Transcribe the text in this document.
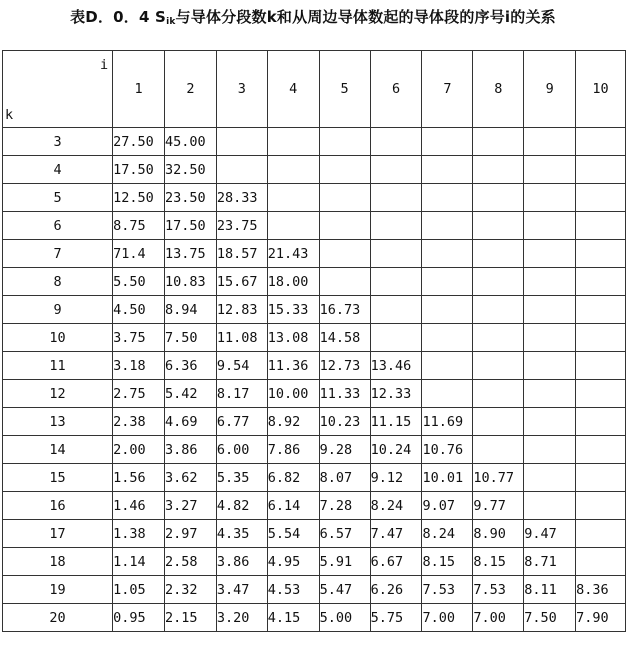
表D．0．4 $S_{ik}$与导体分段数k和从周边导体数起的导体段的序号i的关系
i
k	1	2	3	4	5	6	7	8	9	10
3	27.50	45.00								
4	17.50	32.50								
5	12.50	23.50	28.33							
6	8.75	17.50	23.75							
7	71.4	13.75	18.57	21.43						
8	5.50	10.83	15.67	18.00						
9	4.50	8.94	12.83	15.33	16.73					
10	3.75	7.50	11.08	13.08	14.58					
11	3.18	6.36	9.54	11.36	12.73	13.46				
12	2.75	5.42	8.17	10.00	11.33	12.33				
13	2.38	4.69	6.77	8.92	10.23	11.15	11.69			
14	2.00	3.86	6.00	7.86	9.28	10.24	10.76			
15	1.56	3.62	5.35	6.82	8.07	9.12	10.01	10.77		
16	1.46	3.27	4.82	6.14	7.28	8.24	9.07	9.77		
17	1.38	2.97	4.35	5.54	6.57	7.47	8.24	8.90	9.47	
18	1.14	2.58	3.86	4.95	5.91	6.67	8.15	8.15	8.71	
19	1.05	2.32	3.47	4.53	5.47	6.26	7.53	7.53	8.11	8.36
20	0.95	2.15	3.20	4.15	5.00	5.75	7.00	7.00	7.50	7.90
